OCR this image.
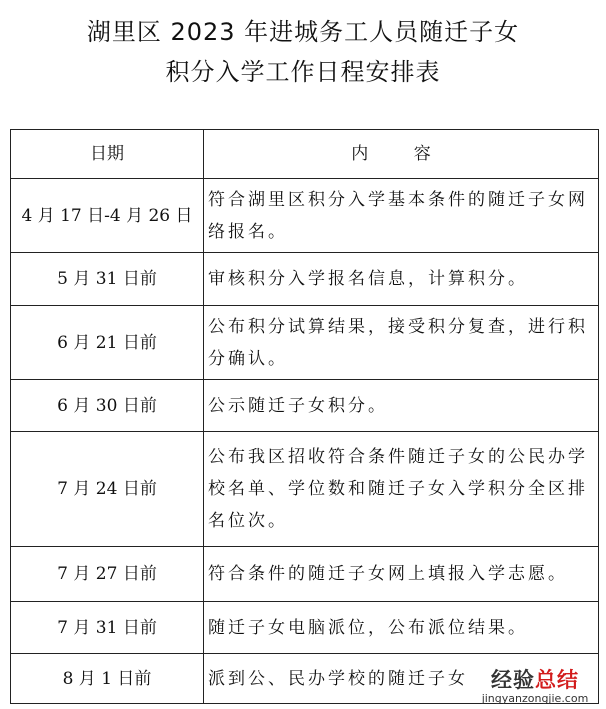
湖里区 2023 年进城务工人员随迁子女
积分入学工作日程安排表
日期	内 容
4 月 17 日-4 月 26 日	符合湖里区积分入学基本条件的随迁子女网络报名。
5 月 31 日前	审核积分入学报名信息，计算积分。
6 月 21 日前	公布积分试算结果，接受积分复查，进行积分确认。
6 月 30 日前	公示随迁子女积分。
7 月 24 日前	公布我区招收符合条件随迁子女的公民办学校名单、学位数和随迁子女入学积分全区排名位次。
7 月 27 日前	符合条件的随迁子女网上填报入学志愿。
7 月 31 日前	随迁子女电脑派位，公布派位结果。
8 月 1 日前	派到公、民办学校的随迁子女	经验总结
jingyanzongjie.com
